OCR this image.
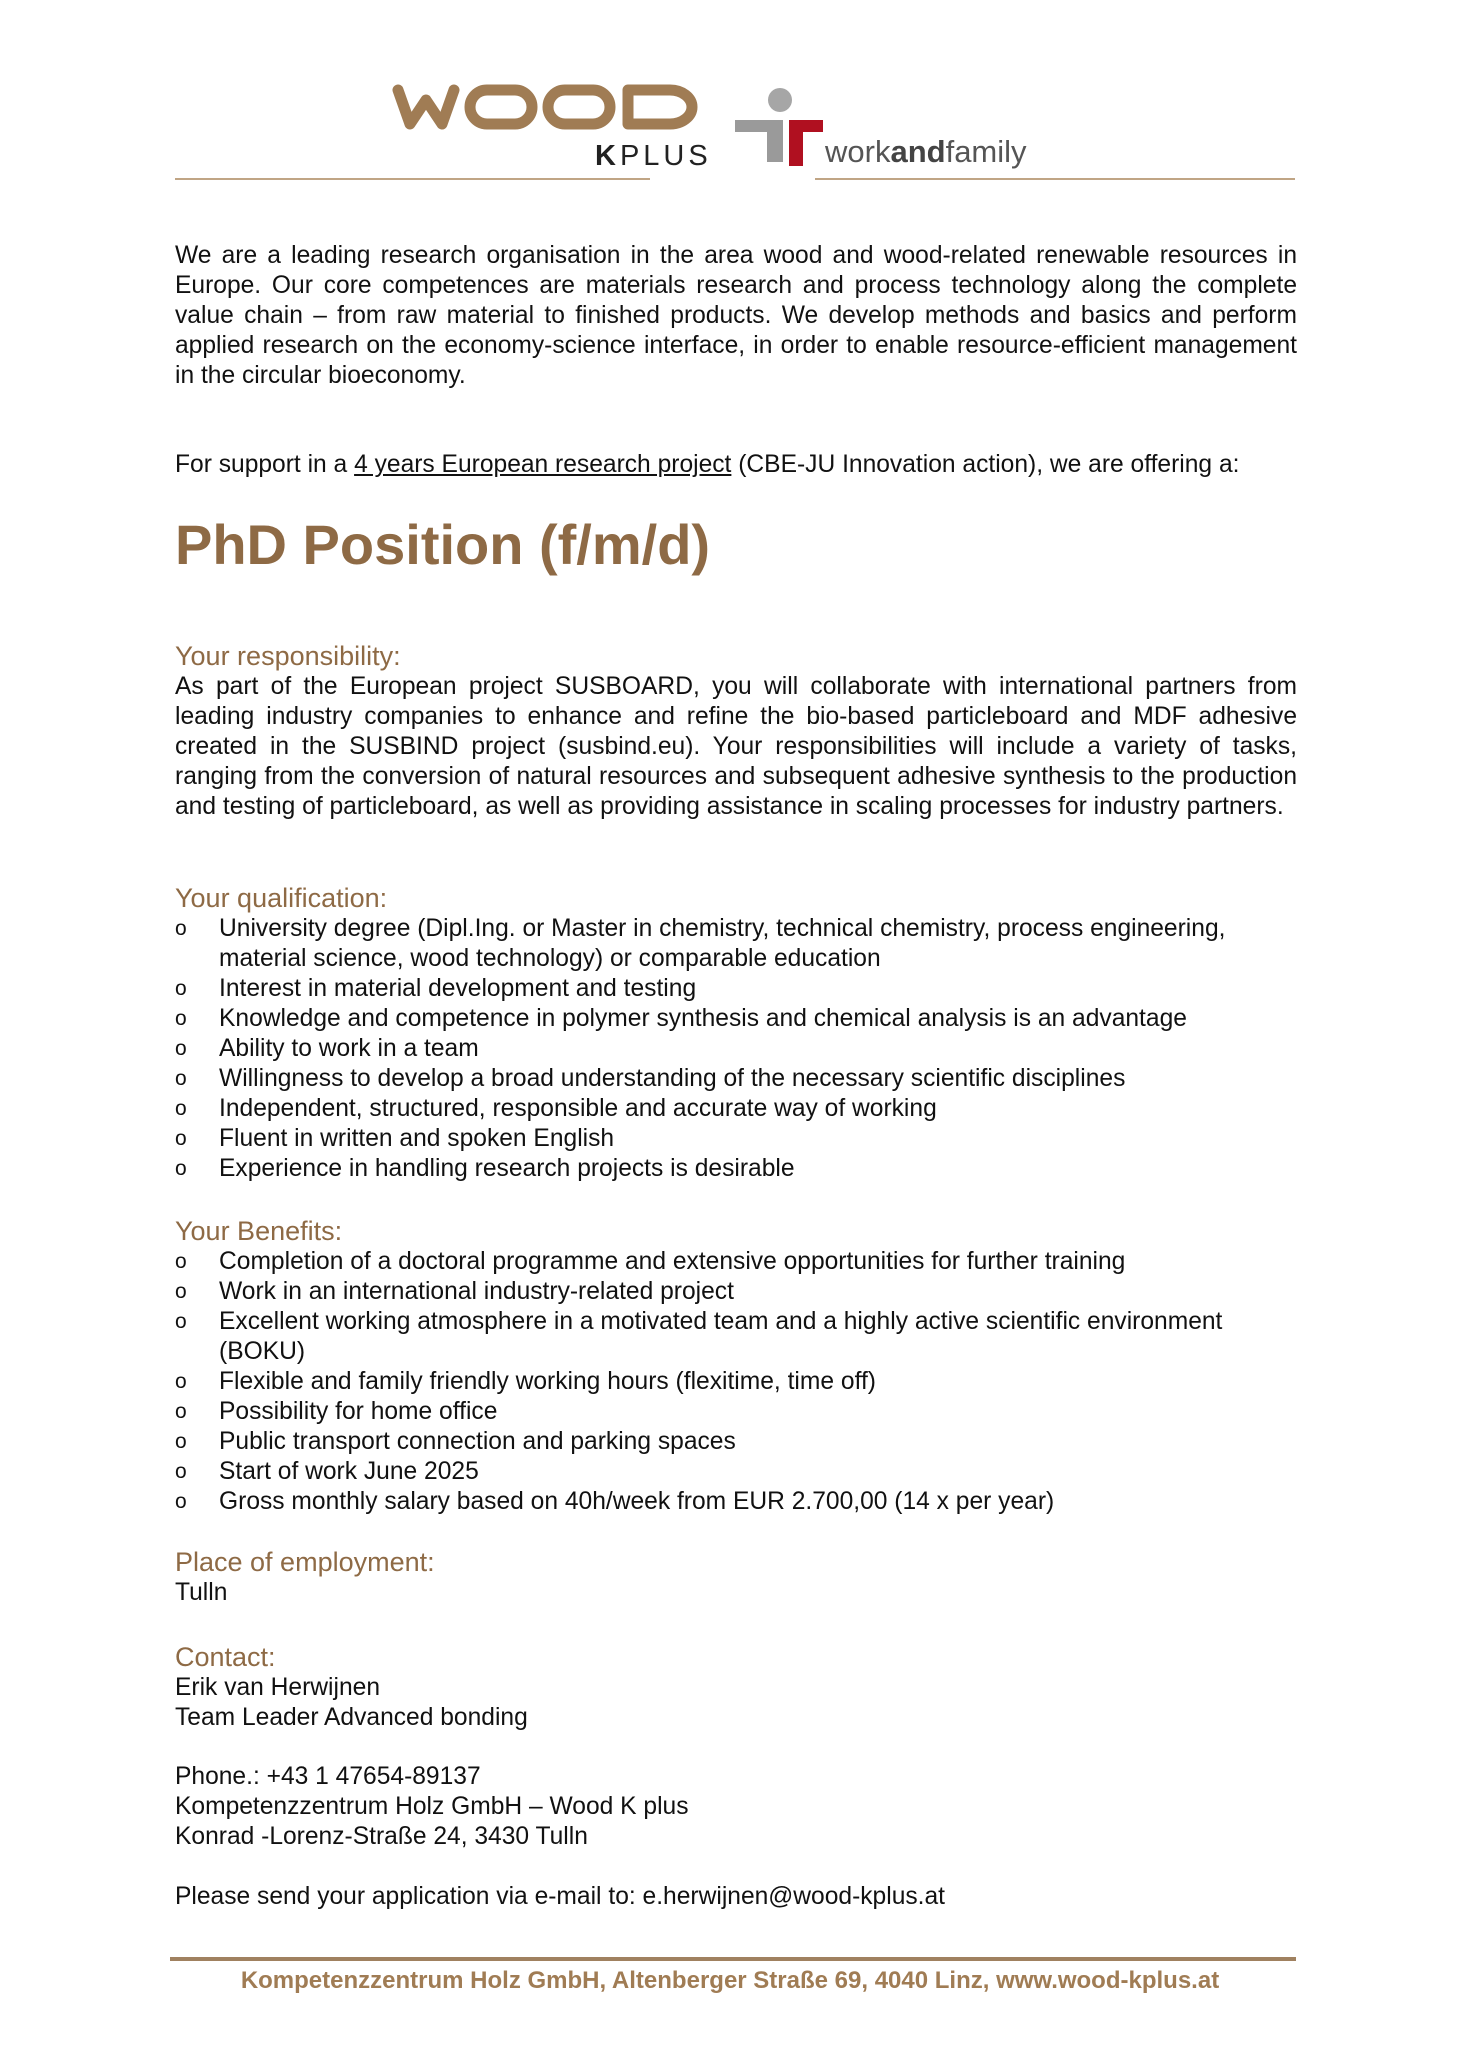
KPLUS	workandfamily
We are a leading research organisation in the area wood and wood-related renewable resources in Europe. Our core competences are materials research and process technology along the complete value chain – from raw material to finished products. We develop methods and basics and perform applied research on the economy-science interface, in order to enable resource-efficient management in the circular bioeconomy.
For support in a 4 years European research project (CBE-JU Innovation action), we are offering a:
PhD Position (f/m/d)
Your responsibility:
As part of the European project SUSBOARD, you will collaborate with international partners from leading industry companies to enhance and refine the bio-based particleboard and MDF adhesive created in the SUSBIND project (susbind.eu). Your responsibilities will include a variety of tasks, ranging from the conversion of natural resources and subsequent adhesive synthesis to the production and testing of particleboard, as well as providing assistance in scaling processes for industry partners.
Your qualification:
o University degree (Dipl.Ing. or Master in chemistry, technical chemistry, process engineering, material science, wood technology) or comparable education
o Interest in material development and testing
o Knowledge and competence in polymer synthesis and chemical analysis is an advantage
o Ability to work in a team
o Willingness to develop a broad understanding of the necessary scientific disciplines
o Independent, structured, responsible and accurate way of working
o Fluent in written and spoken English
o Experience in handling research projects is desirable
Your Benefits:
o Completion of a doctoral programme and extensive opportunities for further training
o Work in an international industry-related project
o Excellent working atmosphere in a motivated team and a highly active scientific environment (BOKU)
o Flexible and family friendly working hours (flexitime, time off)
o Possibility for home office
o Public transport connection and parking spaces
o Start of work June 2025
o Gross monthly salary based on 40h/week from EUR 2.700,00 (14 x per year)
Place of employment:
Tulln
Contact:
Erik van Herwijnen
Team Leader Advanced bonding
Phone.: +43 1 47654-89137
Kompetenzzentrum Holz GmbH – Wood K plus
Konrad -Lorenz-Straße 24, 3430 Tulln
Please send your application via e-mail to: e.herwijnen@wood-kplus.at
Kompetenzzentrum Holz GmbH, Altenberger Straße 69, 4040 Linz, www.wood-kplus.at
